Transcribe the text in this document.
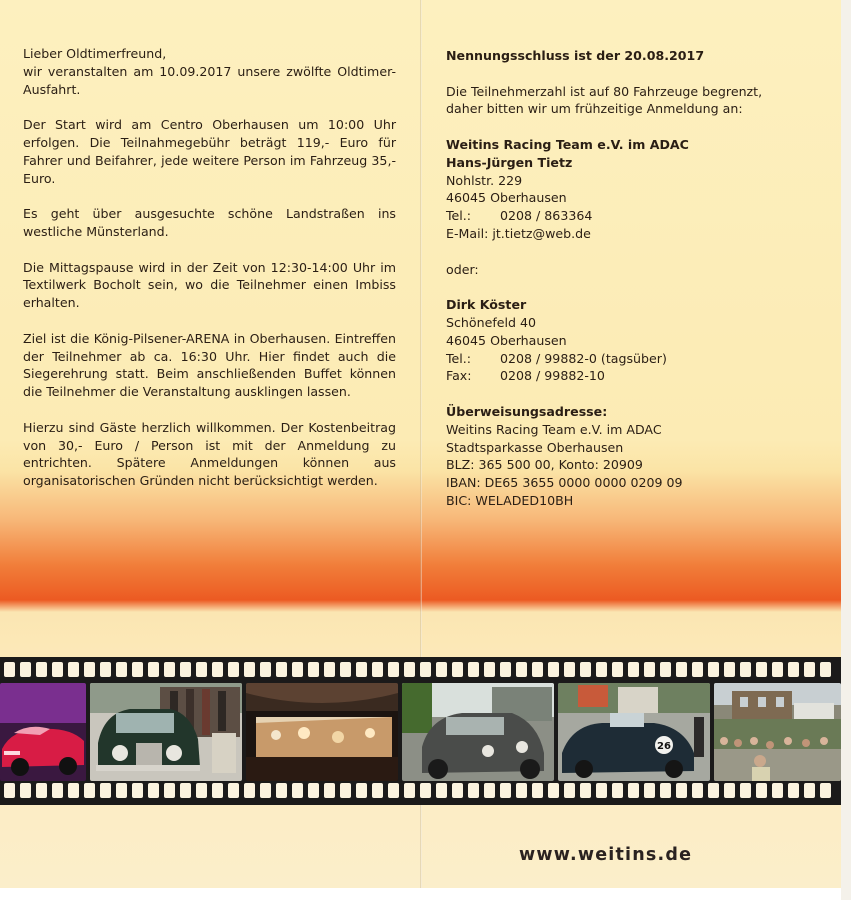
Lieber Oldtimerfreund,
wir veranstalten am 10.09.2017 unsere zwölfte Oldtimer-Ausfahrt.

Der Start wird am Centro Oberhausen um 10:00 Uhr erfolgen. Die Teilnahmegebühr beträgt 119,- Euro für Fahrer und Beifahrer, jede weitere Person im Fahrzeug 35,- Euro.

Es geht über ausgesuchte schöne Landstraßen ins westliche Münsterland.

Die Mittagspause wird in der Zeit von 12:30-14:00 Uhr im Textilwerk Bocholt sein, wo die Teilnehmer einen Imbiss erhalten.

Ziel ist die König-Pilsener-ARENA in Oberhausen. Eintreffen der Teilnehmer ab ca. 16:30 Uhr. Hier findet auch die Siegerehrung statt. Beim anschließenden Buffet können die Teilnehmer die Veranstaltung ausklingen lassen.

Hierzu sind Gäste herzlich willkommen. Der Kostenbeitrag von 30,- Euro / Person ist mit der Anmeldung zu entrichten. Spätere Anmeldungen können aus organisatorischen Gründen nicht berücksichtigt werden.

Nennungsschluss ist der 20.08.2017
Die Teilnehmerzahl ist auf 80 Fahrzeuge begrenzt,
daher bitten wir um frühzeitige Anmeldung an:
Weitins Racing Team e.V. im ADAC
Hans-Jürgen Tietz
Nohlstr. 229
46045 Oberhausen
Tel.: 0208 / 863364
E-Mail: jt.tietz@web.de
oder:
Dirk Köster
Schönefeld 40
46045 Oberhausen
Tel.: 0208 / 99882-0 (tagsüber)
Fax: 0208 / 99882-10
Überweisungsadresse:
Weitins Racing Team e.V. im ADAC
Stadtsparkasse Oberhausen
BLZ: 365 500 00, Konto: 20909
IBAN: DE65 3655 0000 0000 0209 09
BIC: WELADED10BH
26
www.weitins.de
